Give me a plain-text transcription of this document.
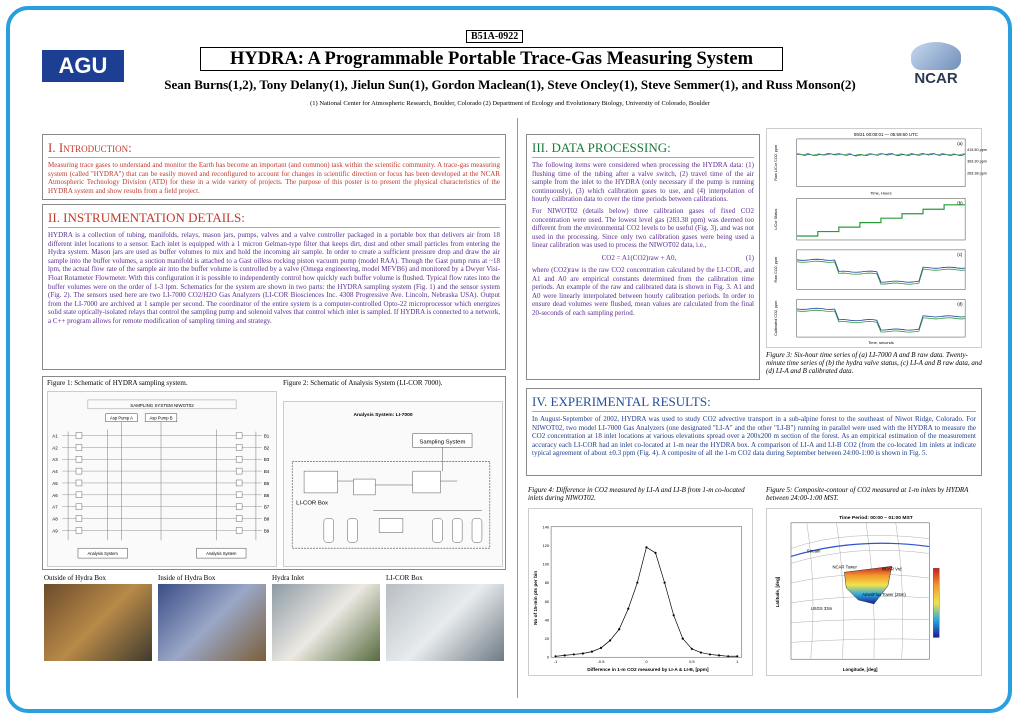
B51A-0922
AGU
NCAR
HYDRA: A Programmable Portable Trace-Gas Measuring System
Sean Burns(1,2), Tony Delany(1), Jielun Sun(1), Gordon Maclean(1), Steve Oncley(1), Steve Semmer(1), and Russ Monson(2)
(1) National Center for Atmospheric Research, Boulder, Colorado (2) Department of Ecology and Evolutionary Biology, University of Colorado, Boulder
I. Introduction:
Measuring trace gases to understand and monitor the Earth has become an important (and common) task within the scientific community. A trace-gas measuring system (called "HYDRA") that can be easily moved and reconfigured to account for changes in scientific direction or focus has been developed at the NCAR Atmospheric Technology Division (ATD) for these in a wide variety of projects. The purpose of this poster is to present the physical characteristics of the HYDRA system and show results from a field project.
II. INSTRUMENTATION DETAILS:
HYDRA is a collection of tubing, manifolds, relays, mason jars, pumps, valves and a valve controller packaged in a portable box that delivers air from 18 different inlet locations to a sensor. Each inlet is equipped with a 1 micron Gelman-type filter that keeps dirt, dust and other small particles from entering the Hydra system. Mason jars are used as buffer volumes to mix and hold the incoming air sample. In order to create a sufficient pressure drop and draw the air sample into the buffer volumes, a suction manifold is attached to a Gast oilless rocking piston vacuum pump (model RAA). Though the Gast pump runs at ~18 lpm, the actual flow rate of the sample air into the buffer volume is controlled by a valve (Omega engineering, model MFVB6) and monitored by a Dwyer Visi-Float Rotameter Flowmeter. With this configuration it is possible to independently control how quickly each buffer volume is flushed. Typical flow rates into the buffer volumes were on the order of 1-3 lpm. Schematics for the system are shown in two parts: the HYDRA sampling system (Fig. 1) and the sensor system (Fig. 2). The sensors used here are two LI-7000 CO2/H2O Gas Analyzers (LI-COR Biosciences Inc. 4308 Progressive Ave. Lincoln, Nebraska USA). Output from the LI-7000 are archived at 1 sample per second. The coordinator of the entire system is a computer-controlled Opto-22 microprocessor which energizes solid state optically-isolated relays that control the sampling pump and solenoid valves that control which inlet is sampled. If HYDRA is connected to a network, a C++ program allows for remote modification of sampling timing and strategy.
Figure 1: Schematic of HYDRA sampling system.	Figure 2: Schematic of Analysis System (LI-COR 7000).
SAMPLING SYSTEM NIWOT02
Asp Pump A	Asp Pump B
A1	B1
A2	B2
A3	B3
A4	B4
A5	B5
A6	B6
A7	B7
A8	B8
A9	B9
Analysis System	Analysis System
Analysis System: LI-7000
Sampling System
LI-COR Box
Outside of Hydra Box	Inside of Hydra Box	Hydra Inlet	LI-COR Box
III. DATA PROCESSING:
The following items were considered when processing the HYDRA data: (1) flushing time of the tubing after a valve switch, (2) travel time of the air sample from the inlet to the HYDRA (only necessary if the pump is running continuously), (3) which calibration gases to use, and (4) interpolation of hourly calibration data to cover the time periods between calibrations.
For NIWOT02 (details below) three calibration gases of fixed CO2 concentration were used. The lowest level gas (283.38 ppm) was deemed too different from the environmental CO2 levels to be useful (Fig. 3), and was not used in the processing. Since only two calibration gases were being used a linear calibration was used to process the NIWOT02 data, i.e.,
CO2 = A1(CO2)raw + A0,	(1)
where (CO2)raw is the raw CO2 concentration calculated by the LI-COR, and A1 and A0 are empirical constants determined from the calibration time periods. An example of the raw and calibrated data is shown in Fig. 3. A1 and A0 were linearly interpolated between hourly calibration periods. In order to ensure dead volumes were flushed, mean values are calculated from the final 20-seconds of each sampling period.
09/21 00:00:01 — 05:59:60 UTC
(a)
Raw LICor CO2, ppm
(b)
LICor Status
(c)
Raw CO2, ppm
(d)
Calibrated CO2, ppm
419.50 ppm
363.30 ppm
283.38 ppm
Time, Hours
Time, seconds
Figure 3: Six-hour time series of (a) LI-7000 A and B raw data. Twenty-minute time series of (b) the hydra valve status, (c) LI-A and B raw data, and (d) LI-A and B calibrated data.
IV. EXPERIMENTAL RESULTS:
In August-September of 2002, HYDRA was used to study CO2 advective transport in a sub-alpine forest to the southeast of Niwot Ridge, Colorado. For NIWOT02, two model LI-7000 Gas Analyzers (one designated "LI-A" and the other "LI-B") running in parallel were used with the HYDRA to measure the CO2 concentration at 18 inlet locations at various elevations spread over a 200x200 m section of the forest. As an empirical estimation of the measurement accuracy each LI-COR had an inlet co-located at 1-m near the HYDRA box. A comparison of LI-A and LI-B CO2 (from the co-located 1m inlets at indicate typical agreement of about ±0.3 ppm (Fig. 4). A composite of all the 1-m CO2 data during September between 24:00-1:00 is shown in Fig. 5.
Figure 4: Difference in CO2 measured by LI-A and LI-B from 1-m co-located inlets during NIWOT02.
Difference in 1-m CO2 measured by LI-A & LI-B, [ppm]
No of 15-min pts per bin
0
20
40
60
80
100
120
140
-1	-0.5	0	0.5	1
Figure 5: Composite-contour of CO2 measured at 1-m inlets by HYDRA between 24:00-1:00 MST.
Time Period: 00:00 – 01:00 MST
NCAR Tower
AmeriFlux Tower (26m)
USGS 33m
NCAR Vrd
Stream
Longitude, [deg]
Latitude, [deg]
